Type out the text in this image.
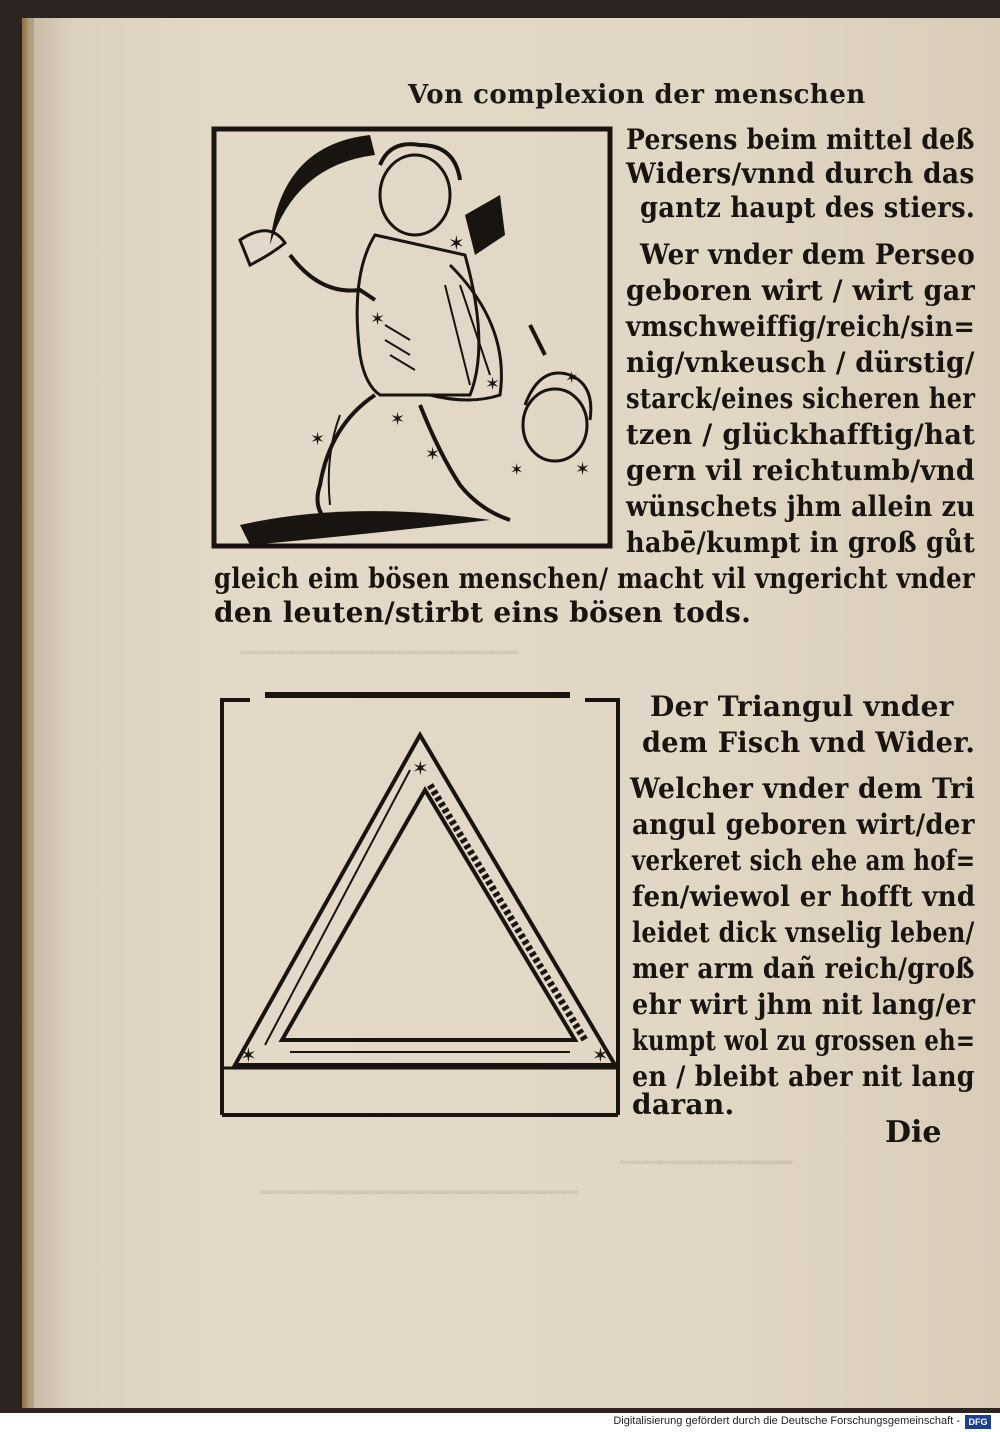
━━━━━━━━━━━━━━━━━━━━━
━━━━━━━━━━━━━
━━━━━━━━━━━━━━━━━━━━━━━━
Von complexion der menschen
✶
✶
✶
✶
✶
✶
✶
✶
✶
Persens beim mittel deß
Widers/vnnd durch das
gantz haupt des stiers.
Wer vnder dem Perseo
geboren wirt / wirt gar
vmschweiffig/reich/sin=
nig/vnkeusch / dürstig/
starck/eines sicheren her
tzen / glückhafftig/hat
gern vil reichtumb/vnd
wünschets jhm allein zu
habē/kumpt in groß gůt
gleich eim bösen menschen/ macht vil vngericht vnder
den leuten/stirbt eins bösen tods.
✶
✶	✶
Der Triangul vnder
dem Fisch vnd Wider.
Welcher vnder dem Tri
angul geboren wirt/der
verkeret sich ehe am hof=
fen/wiewol er hofft vnd
leidet dick vnselig leben/
mer arm dañ reich/groß
ehr wirt jhm nit lang/er
kumpt wol zu grossen eh=
en / bleibt aber nit lang
daran.
Die
Digitalisierung gefördert durch die Deutsche Forschungsgemeinschaft - DFG
